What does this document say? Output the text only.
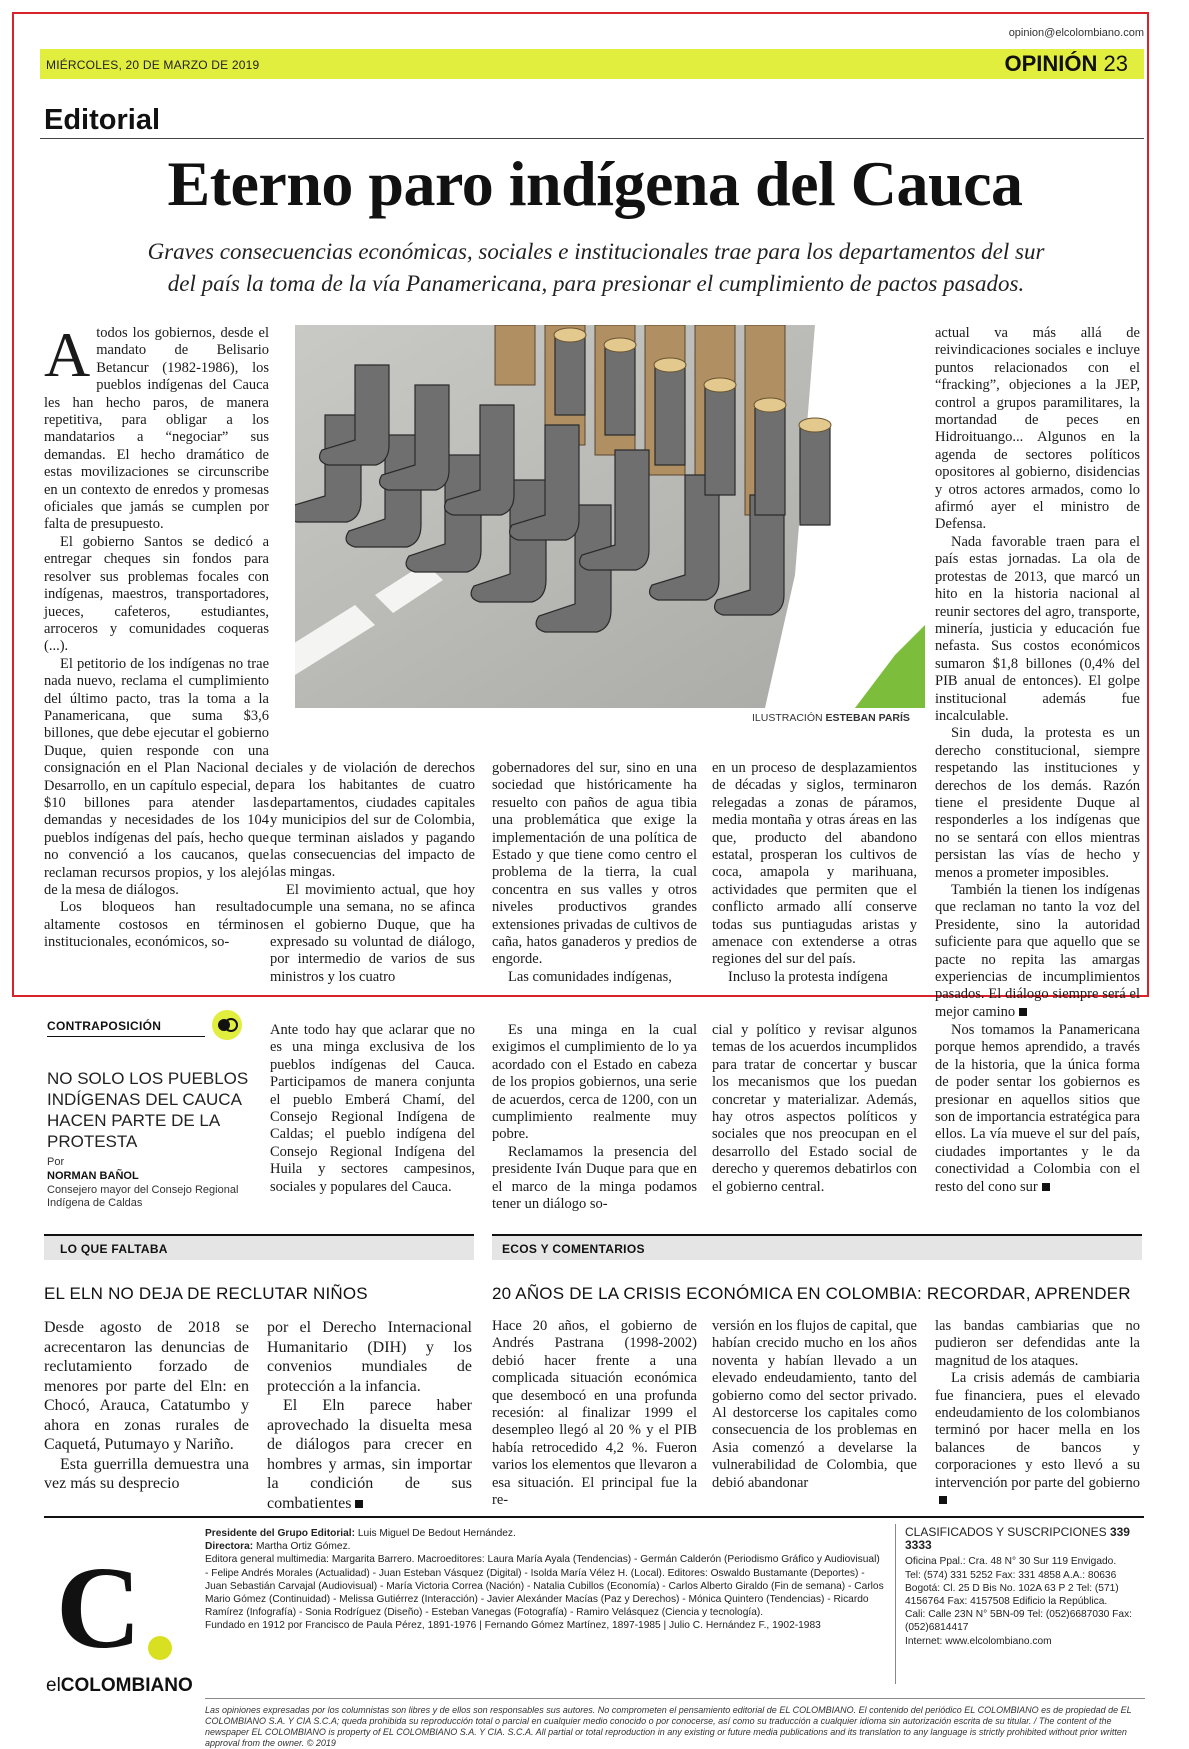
opinion@elcolombiano.com
MIÉRCOLES, 20 DE MARZO DE 2019	OPINIÓN 23
Editorial
Eterno paro indígena del Cauca
Graves consecuencias económicas, sociales e institucionales trae para los departamentos del sur
del país la toma de la vía Panamericana, para presionar el cumplimiento de pactos pasados.

Atodos los gobiernos, desde el mandato de Belisario Betancur (1982-1986), los pueblos indígenas del Cauca les han hecho paros, de manera repetitiva, para obligar a los mandatarios a “negociar” sus demandas. El hecho dramático de estas movilizaciones se circunscribe en un contexto de enredos y promesas oficiales que jamás se cumplen por falta de presupuesto.

El gobierno Santos se dedicó a entregar cheques sin fondos para resolver sus problemas focales con indígenas, maestros, transportadores, jueces, cafeteros, estudiantes, arroceros y comunidades coqueras (...).

El petitorio de los indígenas no trae nada nuevo, reclama el cumplimiento del último pacto, tras la toma a la Panamericana, que suma $3,6 billones, que debe ejecutar el gobierno Duque, quien responde con una consignación en el Plan Nacional de Desarrollo, en un capítulo especial, de $10 billones para atender las demandas y necesidades de los 104 pueblos indígenas del país, hecho que no convenció a los caucanos, que reclaman recursos propios, y los alejó de la mesa de diálogos.

Los bloqueos han resultado altamente costosos en términos institucionales, económicos, so-

ILUSTRACIÓN ESTEBAN PARÍS

ciales y de violación de derechos para los habitantes de cuatro departamentos, ciudades capitales y municipios del sur de Colombia, que terminan aislados y pagando las consecuencias del impacto de las mingas.

El movimiento actual, que hoy cumple una semana, no se afinca en el gobierno Duque, que ha expresado su voluntad de diálogo, por intermedio de varios de sus ministros y los cuatro

gobernadores del sur, sino en una sociedad que históricamente ha resuelto con paños de agua tibia una problemática que exige la implementación de una política de Estado y que tiene como centro el problema de la tierra, la cual concentra en sus valles y otros niveles productivos grandes extensiones privadas de cultivos de caña, hatos ganaderos y predios de engorde.

Las comunidades indígenas,

en un proceso de desplazamientos de décadas y siglos, terminaron relegadas a zonas de páramos, media montaña y otras áreas en las que, producto del abandono estatal, prosperan los cultivos de coca, amapola y marihuana, actividades que permiten que el conflicto armado allí conserve todas sus puntiagudas aristas y amenace con extenderse a otras regiones del sur del país.

Incluso la protesta indígena

actual va más allá de reivindicaciones sociales e incluye puntos relacionados con el “fracking”, objeciones a la JEP, control a grupos paramilitares, la mortandad de peces en Hidroituango... Algunos en la agenda de sectores políticos opositores al gobierno, disidencias y otros actores armados, como lo afirmó ayer el ministro de Defensa.

Nada favorable traen para el país estas jornadas. La ola de protestas de 2013, que marcó un hito en la historia nacional al reunir sectores del agro, transporte, minería, justicia y educación fue nefasta. Sus costos económicos sumaron $1,8 billones (0,4% del PIB anual de entonces). El golpe institucional además fue incalculable.

Sin duda, la protesta es un derecho constitucional, siempre respetando las instituciones y derechos de los demás. Razón tiene el presidente Duque al responderles a los indígenas que no se sentará con ellos mientras persistan las vías de hecho y menos a prometer imposibles.

También la tienen los indígenas que reclaman no tanto la voz del Presidente, sino la autoridad suficiente para que aquello que se pacte no repita las amargas experiencias de incumplimientos pasados. El diálogo siempre será el mejor camino

CONTRAPOSICIÓN
NO SOLO LOS PUEBLOS INDÍGENAS DEL CAUCA HACEN PARTE DE LA PROTESTA
Por
NORMAN BAÑOL
Consejero mayor del Consejo Regional Indígena de Caldas

Ante todo hay que aclarar que no es una minga exclusiva de los pueblos indígenas del Cauca. Participamos de manera conjunta el pueblo Emberá Chamí, del Consejo Regional Indígena de Caldas; el pueblo indígena del Consejo Regional Indígena del Huila y sectores campesinos, sociales y populares del Cauca.

Es una minga en la cual exigimos el cumplimiento de lo ya acordado con el Estado en cabeza de los propios gobiernos, una serie de acuerdos, cerca de 1200, con un cumplimiento realmente muy pobre.

Reclamamos la presencia del presidente Iván Duque para que en el marco de la minga podamos tener un diálogo so-

cial y político y revisar algunos temas de los acuerdos incumplidos para tratar de concertar y buscar los mecanismos que los puedan concretar y materializar. Además, hay otros aspectos políticos y sociales que nos preocupan en el desarrollo del Estado social de derecho y queremos debatirlos con el gobierno central.

Nos tomamos la Panamericana porque hemos aprendido, a través de la historia, que la única forma de poder sentar los gobiernos es presionar en aquellos sitios que son de importancia estratégica para ellos. La vía mueve el sur del país, ciudades importantes y le da conectividad a Colombia con el resto del cono sur

LO QUE FALTABA
EL ELN NO DEJA DE RECLUTAR NIÑOS

Desde agosto de 2018 se acrecentaron las denuncias de reclutamiento forzado de menores por parte del Eln: en Chocó, Arauca, Catatumbo y ahora en zonas rurales de Caquetá, Putumayo y Nariño.

Esta guerrilla demuestra una vez más su desprecio

por el Derecho Internacional Humanitario (DIH) y los convenios mundiales de protección a la infancia.

El Eln parece haber aprovechado la disuelta mesa de diálogos para crecer en hombres y armas, sin importar la condición de sus combatientes

ECOS Y COMENTARIOS
20 AÑOS DE LA CRISIS ECONÓMICA EN COLOMBIA: RECORDAR, APRENDER

Hace 20 años, el gobierno de Andrés Pastrana (1998-2002) debió hacer frente a una complicada situación económica que desembocó en una profunda recesión: al finalizar 1999 el desempleo llegó al 20 % y el PIB había retrocedido 4,2 %. Fueron varios los elementos que llevaron a esa situación. El principal fue la re-

versión en los flujos de capital, que habían crecido mucho en los años noventa y habían llevado a un elevado endeudamiento, tanto del gobierno como del sector privado. Al destorcerse los capitales como consecuencia de los problemas en Asia comenzó a develarse la vulnerabilidad de Colombia, que debió abandonar

las bandas cambiarias que no pudieron ser defendidas ante la magnitud de los ataques.

La crisis además de cambiaria fue financiera, pues el elevado endeudamiento de los colombianos terminó por hacer mella en los balances de bancos y corporaciones y esto llevó a su intervención por parte del gobierno

C
elCOLOMBIANO
Presidente del Grupo Editorial: Luis Miguel De Bedout Hernández.
Directora: Martha Ortiz Gómez.
Editora general multimedia: Margarita Barrero. Macroeditores: Laura María Ayala (Tendencias) - Germán Calderón (Periodismo Gráfico y Audiovisual) - Felipe Andrés Morales (Actualidad) - Juan Esteban Vásquez (Digital) - Isolda María Vélez H. (Local). Editores: Oswaldo Bustamante (Deportes) - Juan Sebastián Carvajal (Audiovisual) - María Victoria Correa (Nación) - Natalia Cubillos (Economía) - Carlos Alberto Giraldo (Fin de semana) - Carlos Mario Gómez (Continuidad) - Melissa Gutiérrez (Interacción) - Javier Alexánder Macías (Paz y Derechos) - Mónica Quintero (Tendencias) - Ricardo Ramírez (Infografía) - Sonia Rodríguez (Diseño) - Esteban Vanegas (Fotografía) - Ramiro Velásquez (Ciencia y tecnología).
Fundado en 1912 por Francisco de Paula Pérez, 1891-1976 | Fernando Gómez Martínez, 1897-1985 | Julio C. Hernández F., 1902-1983
CLASIFICADOS Y SUSCRIPCIONES 339 3333
Oficina Ppal.: Cra. 48 N° 30 Sur 119 Envigado.
Tel: (574) 331 5252 Fax: 331 4858 A.A.: 80636
Bogotá: Cl. 25 D Bis No. 102A 63 P 2 Tel: (571) 4156764 Fax: 4157508 Edificio la República.
Cali: Calle 23N N° 5BN-09 Tel: (052)6687030 Fax: (052)6814417
Internet: www.elcolombiano.com
Las opiniones expresadas por los columnistas son libres y de ellos son responsables sus autores. No comprometen el pensamiento editorial de EL COLOMBIANO. El contenido del periódico EL COLOMBIANO es de propiedad de EL COLOMBIANO S.A. Y CIA S.C.A; queda prohibida su reproducción total o parcial en cualquier medio conocido o por conocerse, así como su traducción a cualquier idioma sin autorización escrita de su titular. / The content of the newspaper EL COLOMBIANO is property of EL COLOMBIANO S.A. Y CIA. S.C.A. All partial or total reproduction in any existing or future media publications and its translation to any language is strictly prohibited without prior written approval from the owner. © 2019
